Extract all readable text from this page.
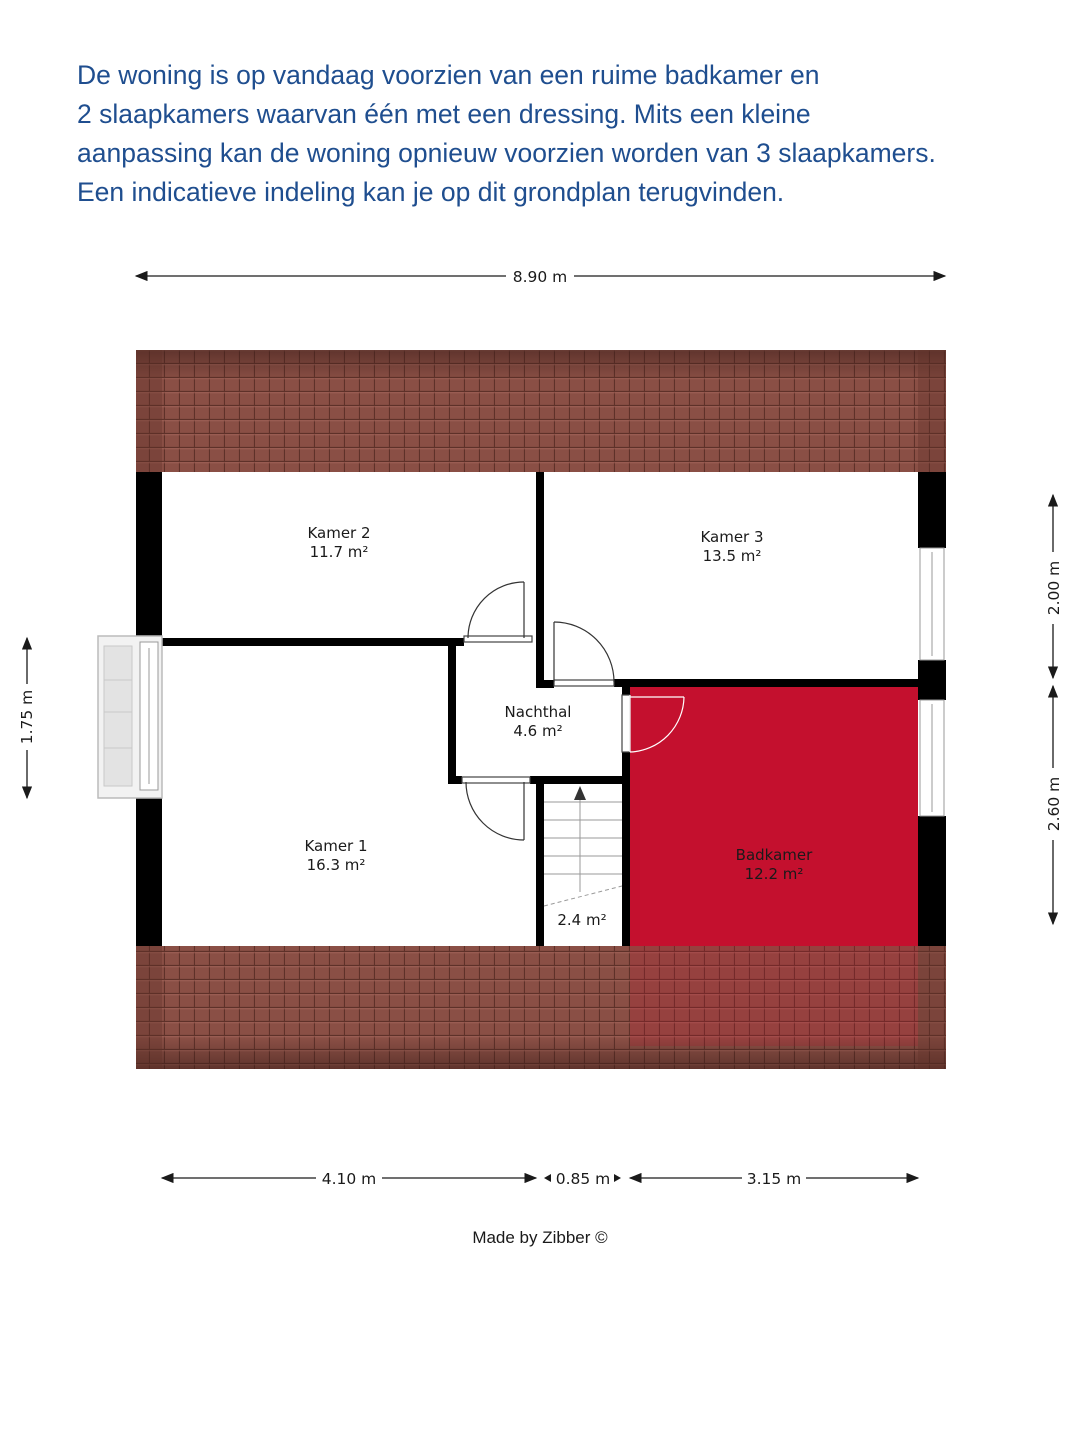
De woning is op vandaag voorzien van een ruime badkamer en
2 slaapkamers waarvan één met een dressing. Mits een kleine
aanpassing kan de woning opnieuw voorzien worden van 3 slaapkamers.
Een indicatieve indeling kan je op dit grondplan terugvinden.
8.90 m
Kamer 2
11.7 m²
Kamer 3
13.5 m²
Nachthal
4.6 m²
Kamer 1
16.3 m²
Badkamer
12.2 m²
2.4 m²
1.75 m
2.00 m
2.60 m
4.10 m	0.85 m	3.15 m
Made by Zibber ©
